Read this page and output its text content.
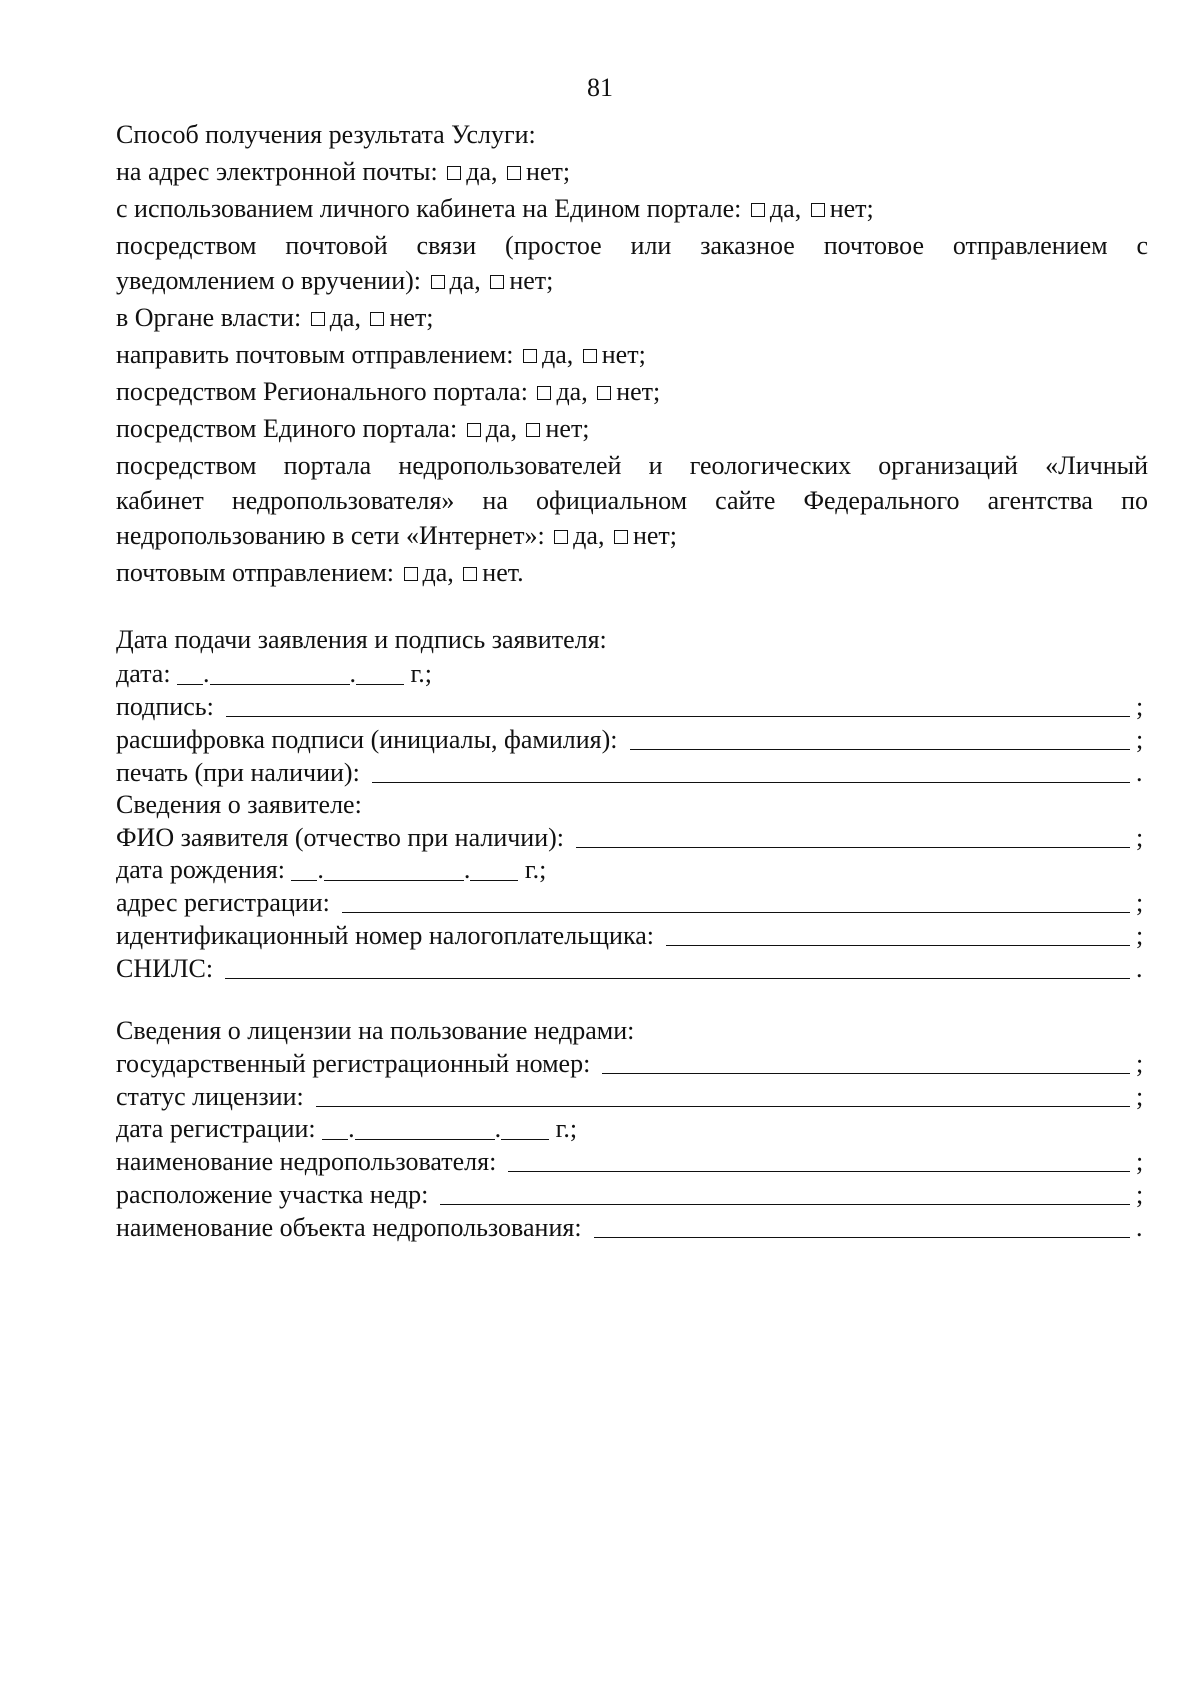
81
Способ получения результата Услуги:
на адрес электронной почты: да, нет;
с использованием личного кабинета на Едином портале: да, нет;
посредством почтовой связи (простое или заказное почтовое отправлением с
уведомлением о вручении): да, нет;
в Органе власти: да, нет;
направить почтовым отправлением: да, нет;
посредством Регионального портала: да, нет;
посредством Единого портала: да, нет;
посредством портала недропользователей и геологических организаций «Личный
кабинет недропользователя» на официальном сайте Федерального агентства по
недропользованию в сети «Интернет»: да, нет;
почтовым отправлением: да, нет.
Дата подачи заявления и подпись заявителя:
дата: .	. г.;
подпись:	;
расшифровка подписи (инициалы, фамилия):	;
печать (при наличии):	.
Сведения о заявителе:
ФИО заявителя (отчество при наличии):	;
дата рождения: .	. г.;
адрес регистрации:	;
идентификационный номер налогоплательщика:	;
СНИЛС:	.
Сведения о лицензии на пользование недрами:
государственный регистрационный номер:	;
статус лицензии:	;
дата регистрации: .	. г.;
наименование недропользователя:	;
расположение участка недр:	;
наименование объекта недропользования:	.
